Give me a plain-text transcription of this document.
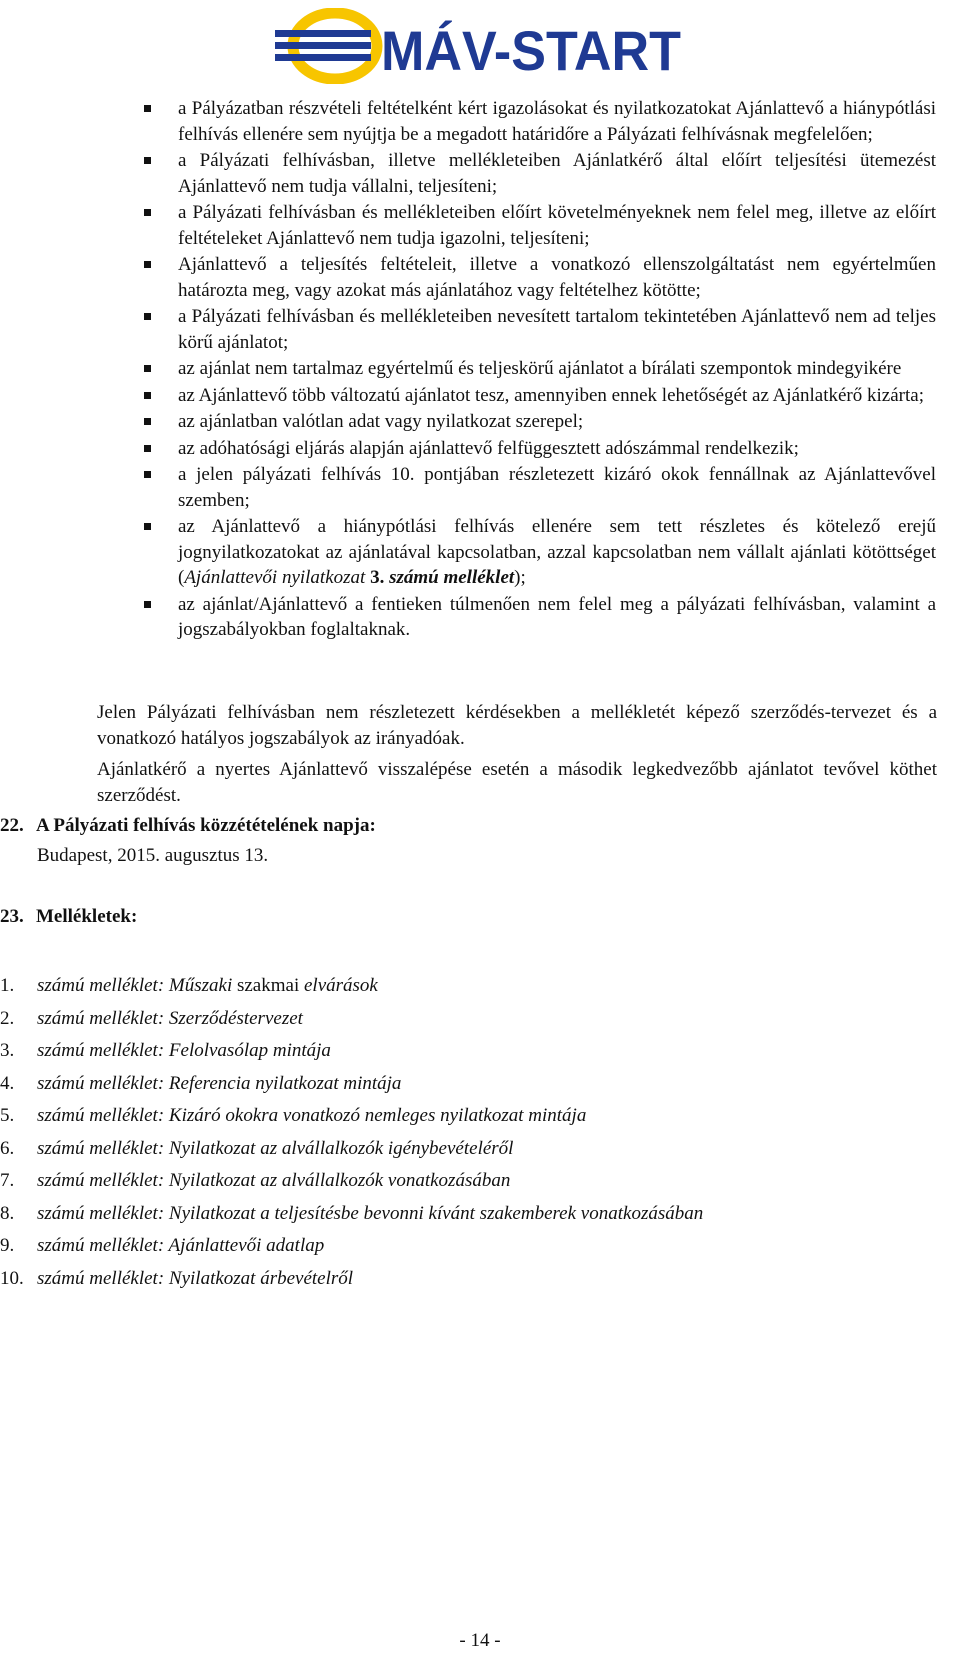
MÁV-START
a Pályázatban részvételi feltételként kért igazolásokat és nyilatkozatokat Ajánlattevő a hiánypótlási felhívás ellenére sem nyújtja be a megadott határidőre a Pályázati felhívásnak megfelelően;
a Pályázati felhívásban, illetve mellékleteiben Ajánlatkérő által előírt teljesítési ütemezést Ajánlattevő nem tudja vállalni, teljesíteni;
a Pályázati felhívásban és mellékleteiben előírt követelményeknek nem felel meg, illetve az előírt feltételeket Ajánlattevő nem tudja igazolni, teljesíteni;
Ajánlattevő a teljesítés feltételeit, illetve a vonatkozó ellenszolgáltatást nem egyértelműen határozta meg, vagy azokat más ajánlatához vagy feltételhez kötötte;
a Pályázati felhívásban és mellékleteiben nevesített tartalom tekintetében Ajánlattevő nem ad teljes körű ajánlatot;
az ajánlat nem tartalmaz egyértelmű és teljeskörű ajánlatot a bírálati szempontok mindegyikére
az Ajánlattevő több változatú ajánlatot tesz, amennyiben ennek lehetőségét az Ajánlatkérő kizárta;
az ajánlatban valótlan adat vagy nyilatkozat szerepel;
az adóhatósági eljárás alapján ajánlattevő felfüggesztett adószámmal rendelkezik;
a jelen pályázati felhívás 10. pontjában részletezett kizáró okok fennállnak az Ajánlattevővel szemben;
az Ajánlattevő a hiánypótlási felhívás ellenére sem tett részletes és kötelező erejű jognyilatkozatokat az ajánlatával kapcsolatban, azzal kapcsolatban nem vállalt ajánlati kötöttséget (Ajánlattevői nyilatkozat 3. számú melléklet);
az ajánlat/Ajánlattevő a fentieken túlmenően nem felel meg a pályázati felhívásban, valamint a jogszabályokban foglaltaknak.

Jelen Pályázati felhívásban nem részletezett kérdésekben a mellékletét képező szerződés-tervezet és a vonatkozó hatályos jogszabályok az irányadóak.

Ajánlatkérő a nyertes Ajánlattevő visszalépése esetén a második legkedvezőbb ajánlatot tevővel köthet szerződést.

22. A Pályázati felhívás közzétételének napja:

Budapest, 2015. augusztus 13.

23. Mellékletek:

1. számú melléklet: Műszaki szakmai elvárások
2. számú melléklet: Szerződéstervezet
3. számú melléklet: Felolvasólap mintája
4. számú melléklet: Referencia nyilatkozat mintája
5. számú melléklet: Kizáró okokra vonatkozó nemleges nyilatkozat mintája
6. számú melléklet: Nyilatkozat az alvállalkozók igénybevételéről
7. számú melléklet: Nyilatkozat az alvállalkozók vonatkozásában
8. számú melléklet: Nyilatkozat a teljesítésbe bevonni kívánt szakemberek vonatkozásában
9. számú melléklet: Ajánlattevői adatlap
10. számú melléklet: Nyilatkozat árbevételről
- 14 -
